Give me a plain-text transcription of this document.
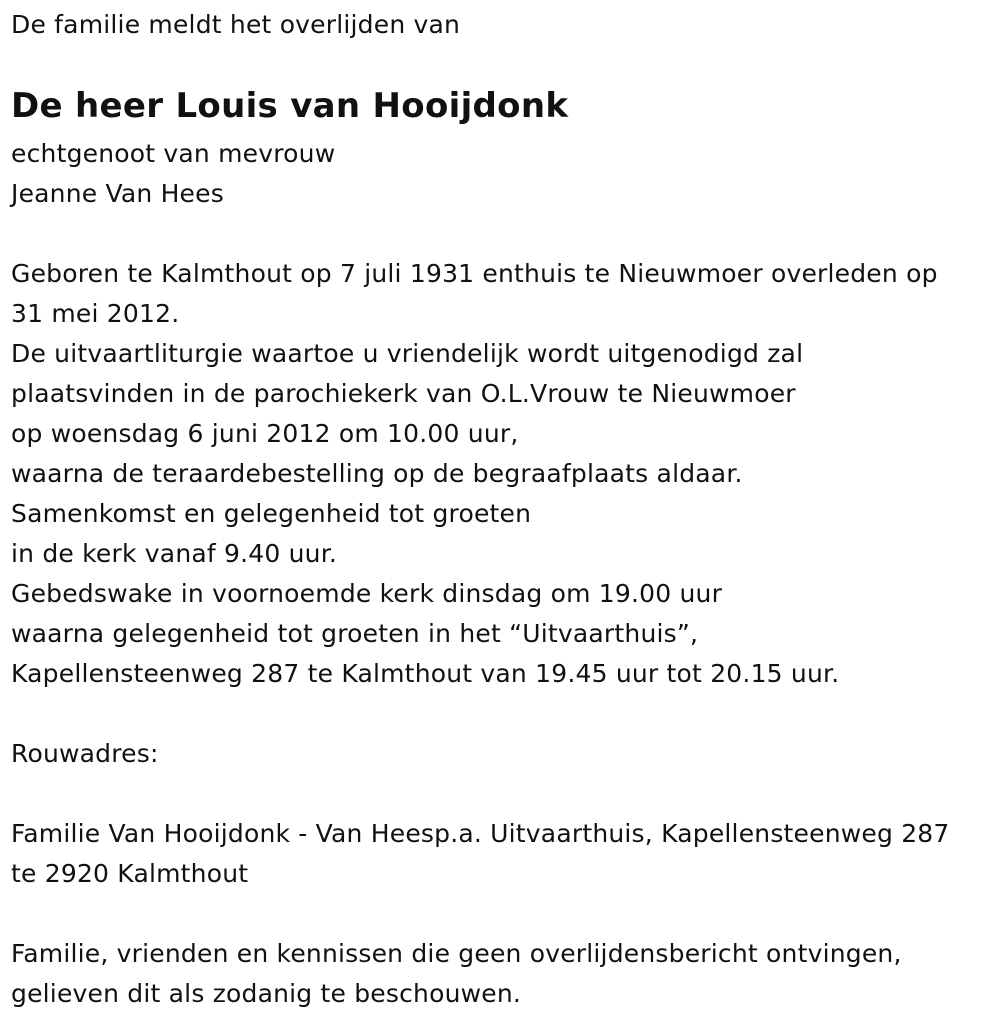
De familie meldt het overlijden van
De heer Louis van Hooijdonk
echtgenoot van mevrouw
Jeanne Van Hees
Geboren te Kalmthout op 7 juli 1931 enthuis te Nieuwmoer overleden op
31 mei 2012.
De uitvaartliturgie waartoe u vriendelijk wordt uitgenodigd zal
plaatsvinden in de parochiekerk van O.L.Vrouw te Nieuwmoer
op woensdag 6 juni 2012 om 10.00 uur,
waarna de teraardebestelling op de begraafplaats aldaar.
Samenkomst en gelegenheid tot groeten
in de kerk vanaf 9.40 uur.
Gebedswake in voornoemde kerk dinsdag om 19.00 uur
waarna gelegenheid tot groeten in het “Uitvaarthuis”,
Kapellensteenweg 287 te Kalmthout van 19.45 uur tot 20.15 uur.
Rouwadres:
Familie Van Hooijdonk - Van Heesp.a. Uitvaarthuis, Kapellensteenweg 287
te 2920 Kalmthout
Familie, vrienden en kennissen die geen overlijdensbericht ontvingen,
gelieven dit als zodanig te beschouwen.
